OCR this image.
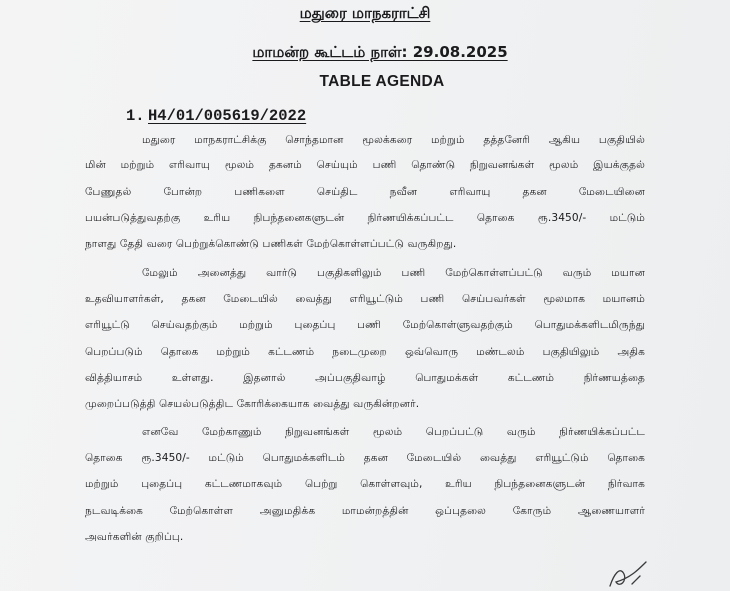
மதுரை மாநகராட்சி
மாமன்ற கூட்டம் நாள்: 29.08.2025
TABLE AGENDA
1. H4/01/005619/2022
மதுரை மாநகராட்சிக்கு சொந்தமான மூலக்கரை மற்றும் தத்தனேரி ஆகிய பகுதியில்
மின் மற்றும் எரிவாயு மூலம் தகனம் செய்யும் பணி தொண்டு நிறுவனங்கள் மூலம் இயக்குதல்
பேணுதல் போன்ற பணிகளை செய்திட நவீன எரிவாயு தகன மேடையினை
பயன்படுத்துவதற்கு உரிய நிபந்தனைகளுடன் நிர்ணயிக்கப்பட்ட தொகை ரூ.3450/- மட்டும்
நாளது தேதி வரை பெற்றுக்கொண்டு பணிகள் மேற்கொள்ளப்பட்டு வருகிறது.
மேலும் அனைத்து வார்டு பகுதிகளிலும் பணி மேற்கொள்ளப்பட்டு வரும் மயான
உதவியாளர்கள், தகன மேடையில் வைத்து எரியூட்டும் பணி செய்பவர்கள் மூலமாக மயானம்
எரியூட்டு செய்வதற்கும் மற்றும் புதைப்பு பணி மேற்கொள்ளுவதற்கும் பொதுமக்களிடமிருந்து
பெறப்படும் தொகை மற்றும் கட்டணம் நடைமுறை ஒவ்வொரு மண்டலம் பகுதியிலும் அதிக
வித்தியாசம் உள்ளது. இதனால் அப்பகுதிவாழ் பொதுமக்கள் கட்டணம் நிர்ணயத்தை
முறைப்படுத்தி செயல்படுத்திட கோரிக்கையாக வைத்து வருகின்றனர்.
எனவே மேற்காணும் நிறுவனங்கள் மூலம் பெறப்பட்டு வரும் நிர்ணயிக்கப்பட்ட
தொகை ரூ.3450/- மட்டும் பொதுமக்களிடம் தகன மேடையில் வைத்து எரியூட்டும் தொகை
மற்றும் புதைப்பு கட்டணமாகவும் பெற்று கொள்ளவும், உரிய நிபந்தனைகளுடன் நிர்வாக
நடவடிக்கை மேற்கொள்ள அனுமதிக்க மாமன்றத்தின் ஒப்புதலை கோரும் ஆணையாளர்
அவர்களின் குறிப்பு.
